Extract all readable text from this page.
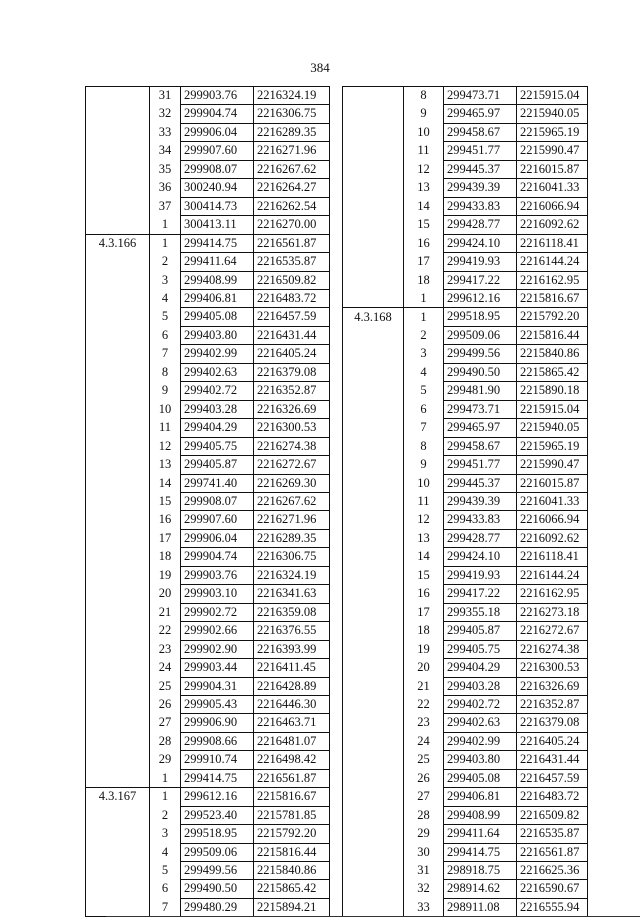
384
	31	299903.76	2216324.19
	32	299904.74	2216306.75
	33	299906.04	2216289.35
	34	299907.60	2216271.96
	35	299908.07	2216267.62
	36	300240.94	2216264.27
	37	300414.73	2216262.54
	1	300413.11	2216270.00
4.3.166	1	299414.75	2216561.87
	2	299411.64	2216535.87
	3	299408.99	2216509.82
	4	299406.81	2216483.72
	5	299405.08	2216457.59
	6	299403.80	2216431.44
	7	299402.99	2216405.24
	8	299402.63	2216379.08
	9	299402.72	2216352.87
	10	299403.28	2216326.69
	11	299404.29	2216300.53
	12	299405.75	2216274.38
	13	299405.87	2216272.67
	14	299741.40	2216269.30
	15	299908.07	2216267.62
	16	299907.60	2216271.96
	17	299906.04	2216289.35
	18	299904.74	2216306.75
	19	299903.76	2216324.19
	20	299903.10	2216341.63
	21	299902.72	2216359.08
	22	299902.66	2216376.55
	23	299902.90	2216393.99
	24	299903.44	2216411.45
	25	299904.31	2216428.89
	26	299905.43	2216446.30
	27	299906.90	2216463.71
	28	299908.66	2216481.07
	29	299910.74	2216498.42
	1	299414.75	2216561.87
4.3.167	1	299612.16	2215816.67
	2	299523.40	2215781.85
	3	299518.95	2215792.20
	4	299509.06	2215816.44
	5	299499.56	2215840.86
	6	299490.50	2215865.42
	7	299480.29	2215894.21
	8	299473.71	2215915.04
	9	299465.97	2215940.05
	10	299458.67	2215965.19
	11	299451.77	2215990.47
	12	299445.37	2216015.87
	13	299439.39	2216041.33
	14	299433.83	2216066.94
	15	299428.77	2216092.62
	16	299424.10	2216118.41
	17	299419.93	2216144.24
	18	299417.22	2216162.95
	1	299612.16	2215816.67
4.3.168	1	299518.95	2215792.20
	2	299509.06	2215816.44
	3	299499.56	2215840.86
	4	299490.50	2215865.42
	5	299481.90	2215890.18
	6	299473.71	2215915.04
	7	299465.97	2215940.05
	8	299458.67	2215965.19
	9	299451.77	2215990.47
	10	299445.37	2216015.87
	11	299439.39	2216041.33
	12	299433.83	2216066.94
	13	299428.77	2216092.62
	14	299424.10	2216118.41
	15	299419.93	2216144.24
	16	299417.22	2216162.95
	17	299355.18	2216273.18
	18	299405.87	2216272.67
	19	299405.75	2216274.38
	20	299404.29	2216300.53
	21	299403.28	2216326.69
	22	299402.72	2216352.87
	23	299402.63	2216379.08
	24	299402.99	2216405.24
	25	299403.80	2216431.44
	26	299405.08	2216457.59
	27	299406.81	2216483.72
	28	299408.99	2216509.82
	29	299411.64	2216535.87
	30	299414.75	2216561.87
	31	298918.75	2216625.36
	32	298914.62	2216590.67
	33	298911.08	2216555.94
